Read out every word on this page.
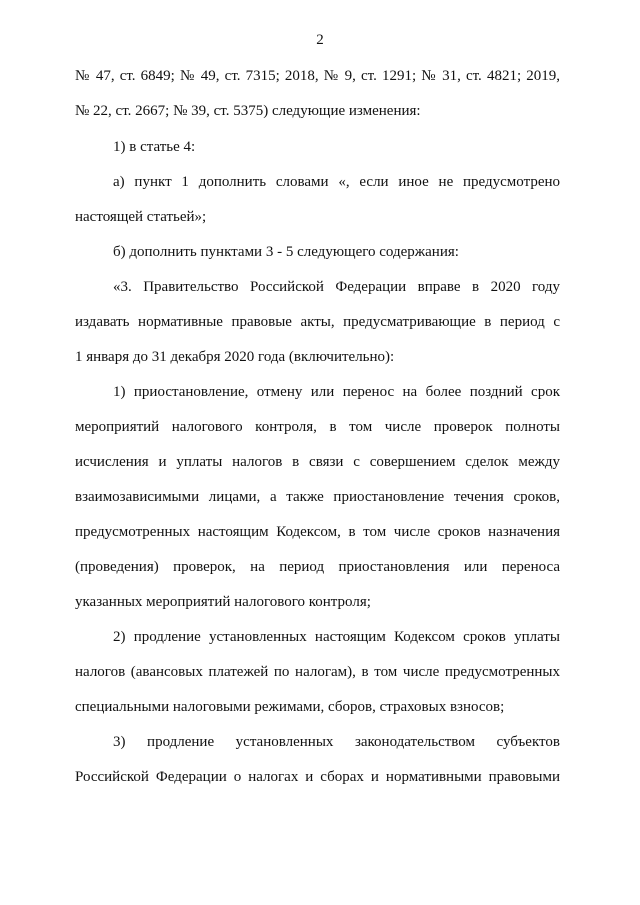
2
№ 47, ст. 6849; № 49, ст. 7315; 2018, № 9, ст. 1291; № 31, ст. 4821; 2019,
№ 22, ст. 2667; № 39, ст. 5375) следующие изменения:
1) в статье 4:
а) пункт 1 дополнить словами «, если иное не предусмотрено
настоящей статьей»;
б) дополнить пунктами 3 - 5 следующего содержания:
«3. Правительство Российской Федерации вправе в 2020 году
издавать нормативные правовые акты, предусматривающие в период с
1 января до 31 декабря 2020 года (включительно):
1) приостановление, отмену или перенос на более поздний срок
мероприятий налогового контроля, в том числе проверок полноты
исчисления и уплаты налогов в связи с совершением сделок между
взаимозависимыми лицами, а также приостановление течения сроков,
предусмотренных настоящим Кодексом, в том числе сроков назначения
(проведения) проверок, на период приостановления или переноса
указанных мероприятий налогового контроля;
2) продление установленных настоящим Кодексом сроков уплаты
налогов (авансовых платежей по налогам), в том числе предусмотренных
специальными налоговыми режимами, сборов, страховых взносов;
3) продление установленных законодательством субъектов
Российской Федерации о налогах и сборах и нормативными правовыми
